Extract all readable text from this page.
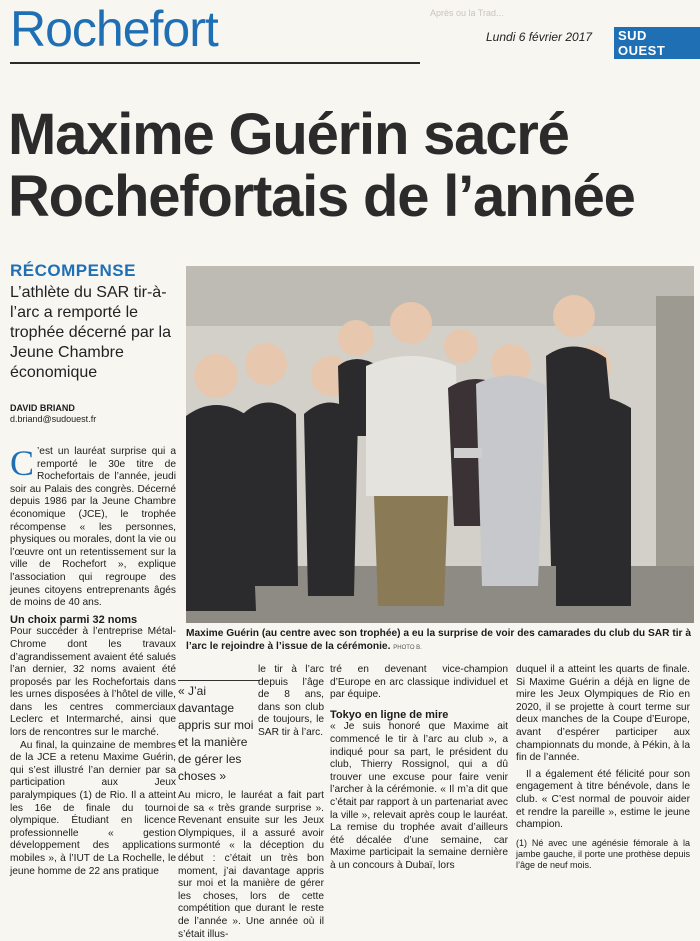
Rochefort	Après ou la Trad...
Lundi 6 février 2017	SUD OUEST
Maxime Guérin sacré
Rochefortais de l’année
RÉCOMPENSE
L’athlète du SAR tir-à-l’arc a remporté le trophée décerné par la Jeune Chambre économique
DAVID BRIAND
d.briand@sudouest.fr
C ’est un lauréat surprise qui a remporté le 30e titre de Rochefortais de l’année, jeudi soir au Palais des congrès. Décerné depuis 1986 par la Jeune Chambre économique (JCE), le trophée récompense « les personnes, physiques ou morales, dont la vie ou l’œuvre ont un retentissement sur la ville de Rochefort », explique l’association qui regroupe des jeunes citoyens entreprenants âgés de moins de 40 ans.
Un choix parmi 32 noms
Pour succéder à l’entreprise Métal-Chrome dont les travaux d’agrandissement avaient été salués l’an dernier, 32 noms avaient été proposés par les Rochefortais dans les urnes disposées à l’hôtel de ville, dans les centres commerciaux Leclerc et Intermarché, ainsi que lors de rencontres sur le marché.
Au final, la quinzaine de membres de la JCE a retenu Maxime Guérin, qui s’est illustré l’an dernier par sa participation aux Jeux paralympiques (1) de Rio. Il a atteint les 16e de finale du tournoi olympique. Étudiant en licence professionnelle « gestion développement des applications mobiles », à l’IUT de La Rochelle, le jeune homme de 22 ans pratique
Maxime Guérin (au centre avec son trophée) a eu la surprise de voir des camarades du club du SAR tir à l’arc le rejoindre à l’issue de la cérémonie. PHOTO B.
« J’ai davantage appris sur moi et la manière de gérer les choses »
le tir à l’arc depuis l’âge de 8 ans, dans son club de toujours, le SAR tir à l’arc.
Au micro, le lauréat a fait part de sa « très grande surprise ». Revenant ensuite sur les Jeux Olympiques, il a assuré avoir surmonté « la déception du début : c’était un très bon moment, j’ai davantage appris sur moi et la manière de gérer les choses, lors de cette compétition que durant le reste de l’année ». Une année où il s’était illus-
tré en devenant vice-champion d’Europe en arc classique individuel et par équipe.
Tokyo en ligne de mire
« Je suis honoré que Maxime ait commencé le tir à l’arc au club », a indiqué pour sa part, le président du club, Thierry Rossignol, qui a dû trouver une excuse pour faire venir l’archer à la cérémonie. « Il m’a dit que c’était par rapport à un partenariat avec la ville », relevait après coup le lauréat. La remise du trophée avait d’ailleurs été décalée d’une semaine, car Maxime participait la semaine dernière à un concours à Dubaï, lors
duquel il a atteint les quarts de finale. Si Maxime Guérin a déjà en ligne de mire les Jeux Olympiques de Rio en 2020, il se projette à court terme sur deux manches de la Coupe d’Europe, avant d’espérer participer aux championnats du monde, à Pékin, à la fin de l’année.
Il a également été félicité pour son engagement à titre bénévole, dans le club. « C’est normal de pouvoir aider et rendre la pareille », estime le jeune champion.
(1) Né avec une agénésie fémorale à la jambe gauche, il porte une prothèse depuis l’âge de neuf mois.
